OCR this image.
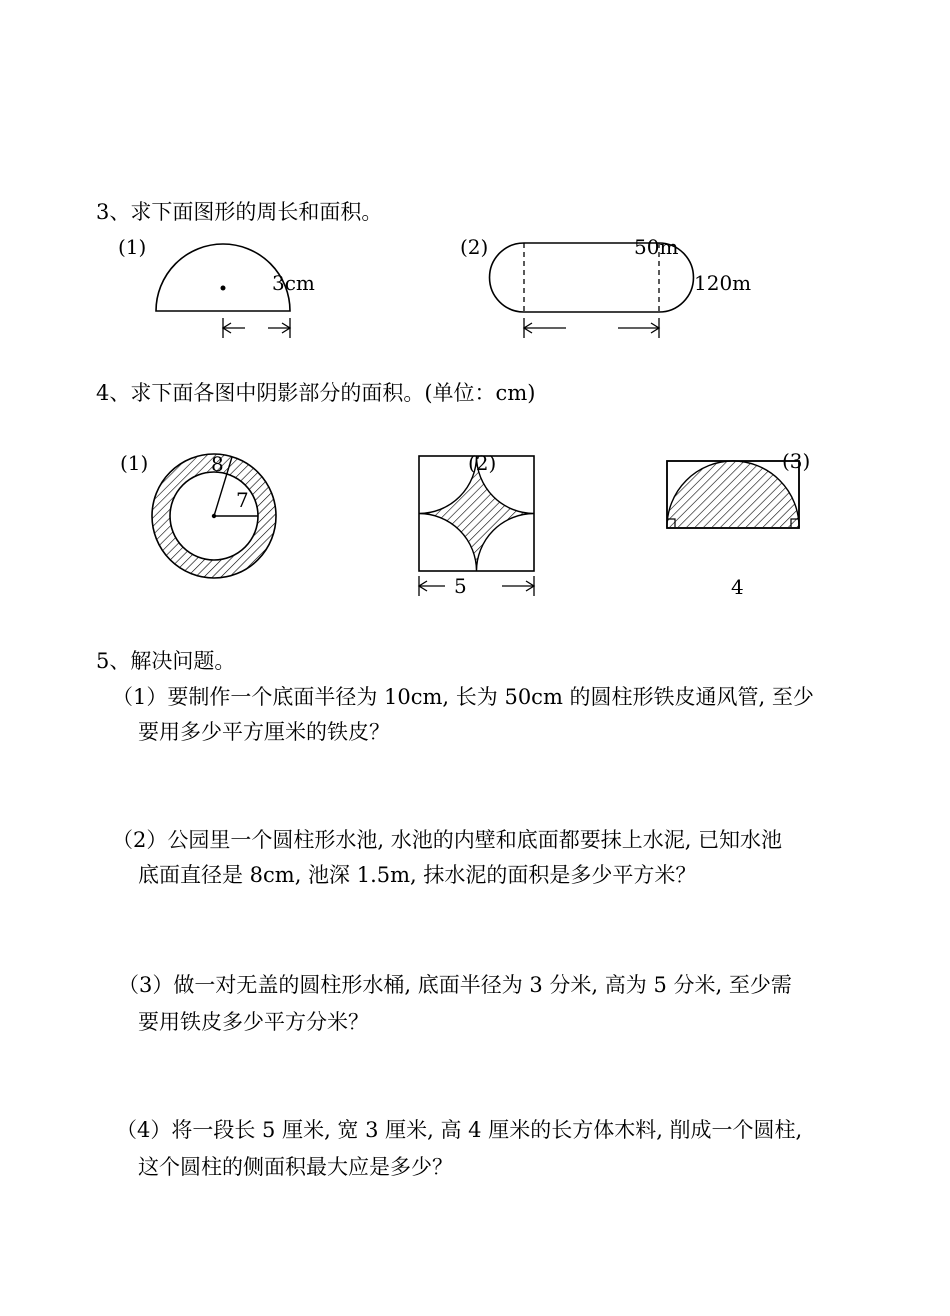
3、求下面图形的周长和面积。
(1)
3cm
(2)	50m
120m
(1)	8
7
(2)
5
(3)
4
4、求下面各图中阴影部分的面积。(单位：cm)
5、解决问题。
（1）要制作一个底面半径为 10cm, 长为 50cm 的圆柱形铁皮通风管, 至少
要用多少平方厘米的铁皮？
（2）公园里一个圆柱形水池, 水池的内壁和底面都要抹上水泥, 已知水池
底面直径是 8cm, 池深 1.5m, 抹水泥的面积是多少平方米？
（3）做一对无盖的圆柱形水桶, 底面半径为 3 分米, 高为 5 分米, 至少需
要用铁皮多少平方分米？
（4）将一段长 5 厘米, 宽 3 厘米, 高 4 厘米的长方体木料, 削成一个圆柱,
这个圆柱的侧面积最大应是多少？
